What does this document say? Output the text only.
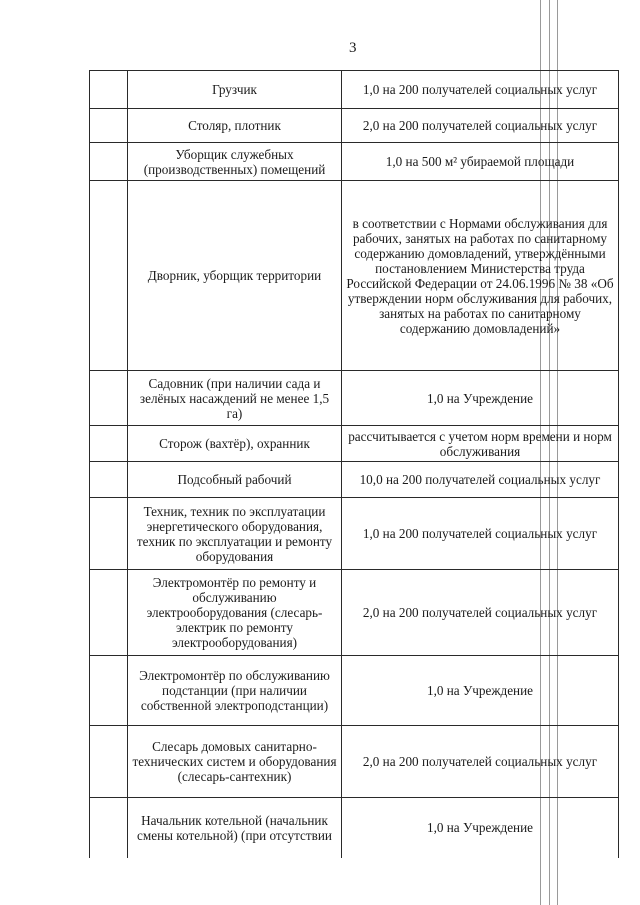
3
	Грузчик	1,0 на 200 получателей социальных услуг
	Столяр, плотник	2,0 на 200 получателей социальных услуг
	Уборщик служебных (производственных) помещений	1,0 на 500 м² убираемой площади
	Дворник, уборщик территории	в соответствии с Нормами обслуживания для рабочих, занятых на работах по санитарному содержанию домовладений, утверждёнными постановлением Министерства труда Российской Федерации от 24.06.1996 № 38 «Об утверждении норм обслуживания для рабочих, занятых на работах по санитарному содержанию домовладений»
	Садовник (при наличии сада и зелёных насаждений не менее 1,5 га)	1,0 на Учреждение
	Сторож (вахтёр), охранник	рассчитывается с учетом норм времени и норм обслуживания
	Подсобный рабочий	10,0 на 200 получателей социальных услуг
	Техник, техник по эксплуатации энергетического оборудования, техник по эксплуатации и ремонту оборудования	1,0 на 200 получателей социальных услуг
	Электромонтёр по ремонту и обслуживанию электрооборудования (слесарь-электрик по ремонту электрооборудования)	2,0 на 200 получателей социальных услуг
	Электромонтёр по обслуживанию подстанции (при наличии собственной электроподстанции)	1,0 на Учреждение
	Слесарь домовых санитарно-технических систем и оборудования (слесарь-сантехник)	2,0 на 200 получателей социальных услуг
	Начальник котельной (начальник смены котельной) (при отсутствии	1,0 на Учреждение
